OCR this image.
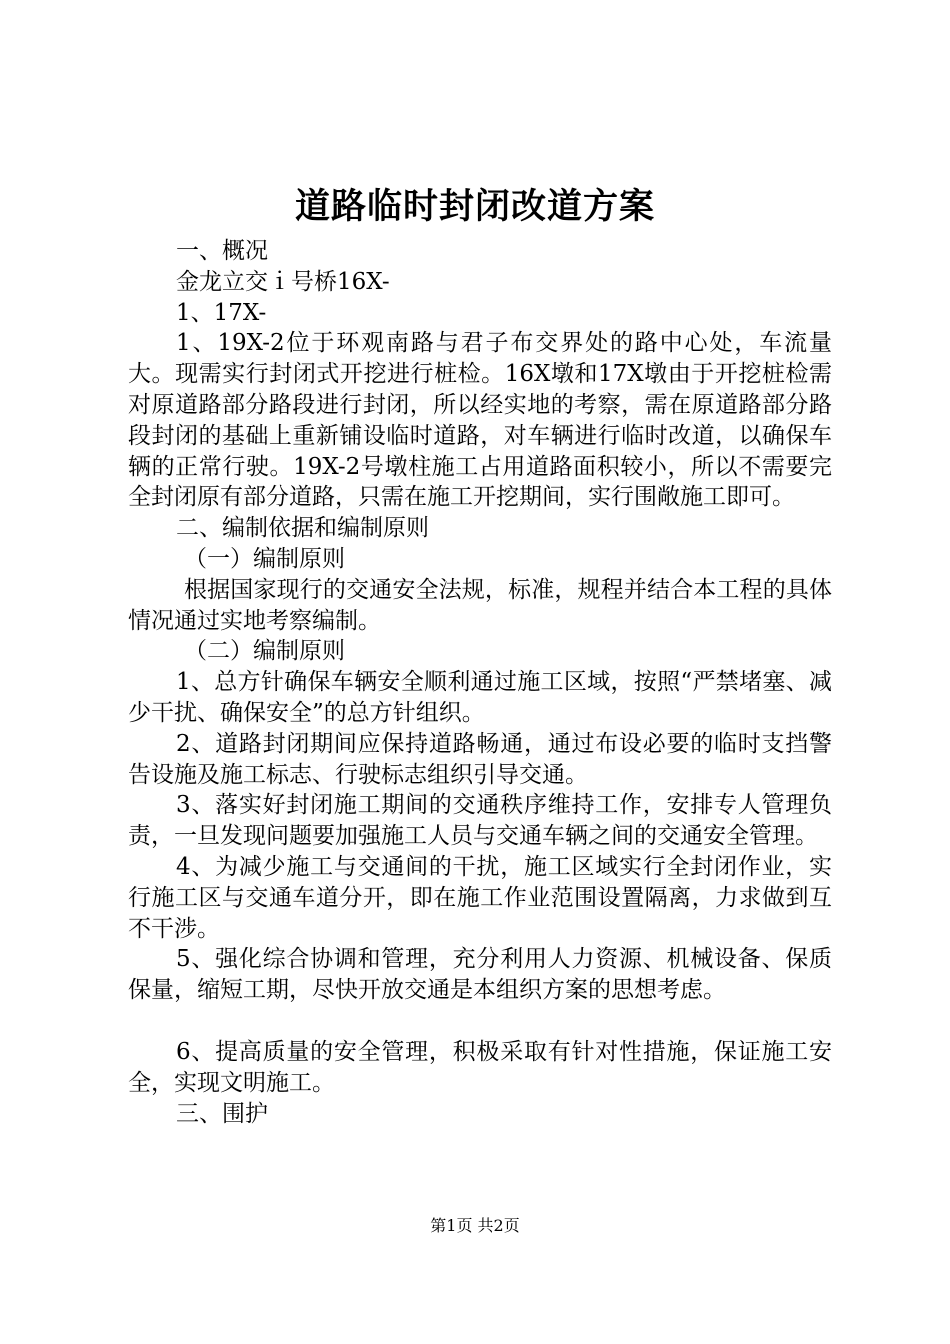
道路临时封闭改道方案

一、概况

金龙立交ｉ号桥16X-

1、17X-

1、19X-2位于环观南路与君子布交界处的路中心处，车流量大。现需实行封闭式开挖进行桩检。16X墩和17X墩由于开挖桩检需对原道路部分路段进行封闭，所以经实地的考察，需在原道路部分路段封闭的基础上重新铺设临时道路，对车辆进行临时改道，以确保车辆的正常行驶。19X-2号墩柱施工占用道路面积较小，所以不需要完全封闭原有部分道路，只需在施工开挖期间，实行围敞施工即可。

二、编制依据和编制原则

（一）编制原则

根据国家现行的交通安全法规，标准，规程并结合本工程的具体情况通过实地考察编制。

（二）编制原则

1、总方针确保车辆安全顺利通过施工区域，按照“严禁堵塞、减少干扰、确保安全”的总方针组织。

2、道路封闭期间应保持道路畅通，通过布设必要的临时支挡警告设施及施工标志、行驶标志组织引导交通。

3、落实好封闭施工期间的交通秩序维持工作，安排专人管理负责，一旦发现问题要加强施工人员与交通车辆之间的交通安全管理。

4、为减少施工与交通间的干扰，施工区域实行全封闭作业，实行施工区与交通车道分开，即在施工作业范围设置隔离，力求做到互不干涉。

5、强化综合协调和管理，充分利用人力资源、机械设备、保质保量，缩短工期，尽快开放交通是本组织方案的思想考虑。

6、提高质量的安全管理，积极采取有针对性措施，保证施工安全，实现文明施工。

三、围护

第1页 共2页
